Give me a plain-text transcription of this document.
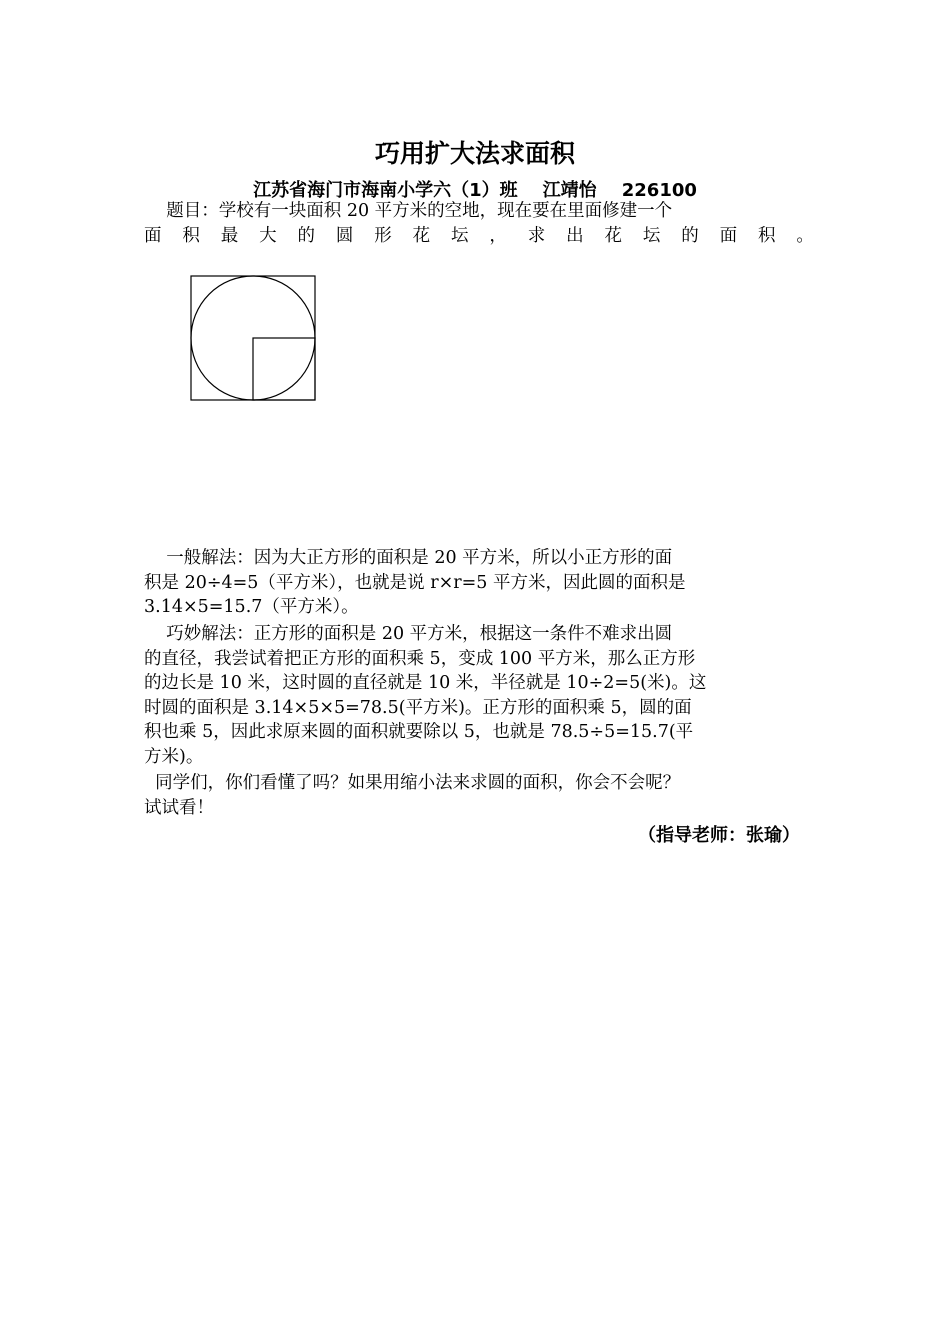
巧用扩大法求面积
江苏省海门市海南小学六（1）班    江靖怡    226100
题目：学校有一块面积 20 平方米的空地，现在要在里面修建一个
面 积 最 大 的 圆 形 花 坛 ， 求 出 花 坛 的 面 积 。
一般解法：因为大正方形的面积是 20 平方米，所以小正方形的面
积是 20÷4=5（平方米），也就是说 r×r=5 平方米，因此圆的面积是
3.14×5=15.7（平方米）。
巧妙解法：正方形的面积是 20 平方米，根据这一条件不难求出圆
的直径，我尝试着把正方形的面积乘 5，变成 100 平方米，那么正方形
的边长是 10 米，这时圆的直径就是 10 米，半径就是 10÷2=5(米)。这
时圆的面积是 3.14×5×5=78.5(平方米)。正方形的面积乘 5，圆的面
积也乘 5，因此求原来圆的面积就要除以 5，也就是 78.5÷5=15.7(平
方米)。
同学们，你们看懂了吗？如果用缩小法来求圆的面积，你会不会呢？
试试看！
（指导老师：张瑜）
